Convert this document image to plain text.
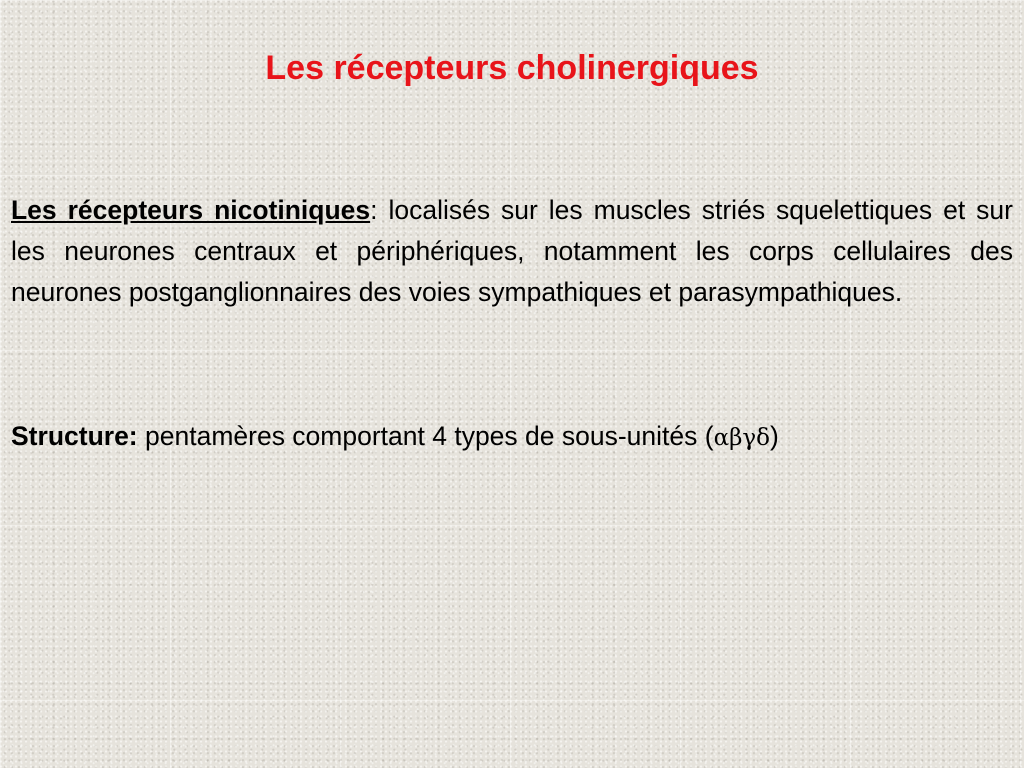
Les récepteurs cholinergiques

Les récepteurs nicotiniques: localisés sur les muscles striés squelettiques et sur les neurones centraux et périphériques, notamment les corps cellulaires des neurones postganglionnaires des voies sympathiques et parasympathiques.

Structure: pentamères comportant 4 types de sous-unités (αβγδ)
